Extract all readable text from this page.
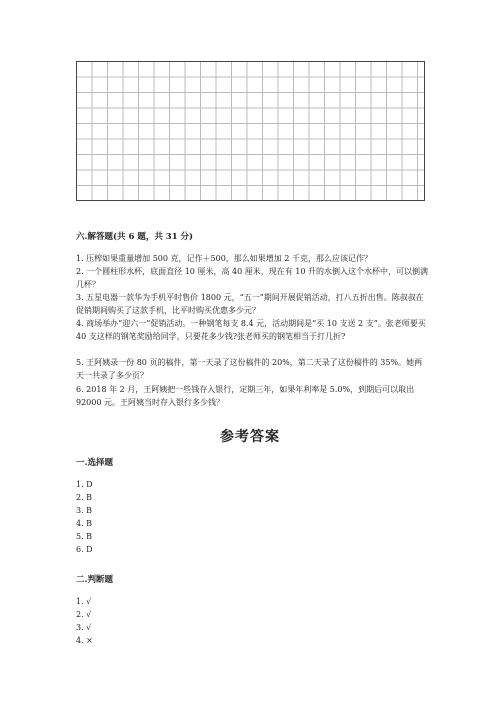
六.解答题(共 6 题，共 31 分)
1. 压榨如果重量增加 500 克，记作＋500，那么如果增加 2 千克，那么应该记作？
2. 一个圆柱形水杯，底面直径 10 厘米，高 40 厘米，现在有 10 升的水倒入这个水杯中，可以倒满几杯？
3. 五星电器一款华为手机平时售价 1800 元，“五一”期间开展促销活动，打八五折出售。陈叔叔在促销期间购买了这款手机，比平时购买优惠多少元？
4. 商场举办“迎六一”促销活动。一种钢笔每支 8.4 元，活动期间是“买 10 支送 2 支”。张老师要买 40 支这样的钢笔奖励给同学，只要花多少钱?张老师买的钢笔相当于打几折?
5. 王阿姨录一份 80 页的稿件，第一天录了这份稿件的 20%，第二天录了这份稿件的 35%。她两天一共录了多少页？
6. 2018 年 2 月，王阿姨把一些钱存入银行，定期三年，如果年利率是 5.0%，到期后可以取出 92000 元。王阿姨当时存入银行多少钱？
参考答案
一.选择题
1. D
2. B
3. B
4. B
5. B
6. D
二.判断题
1. √
2. √
3. √
4. ×
